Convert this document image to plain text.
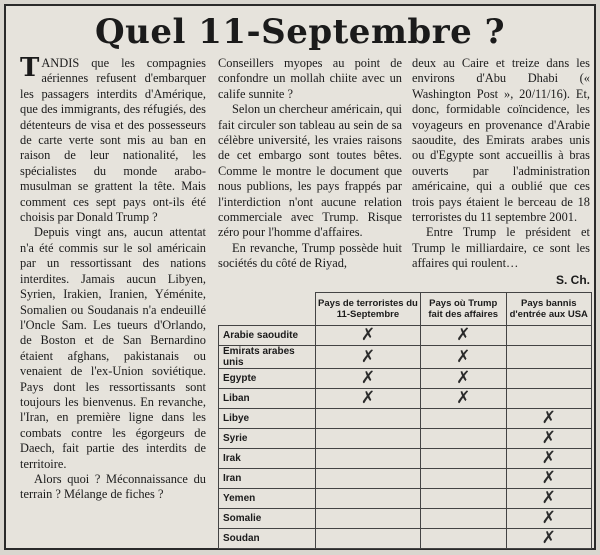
Quel 11-Septembre ?

TANDIS que les compagnies aériennes refusent d'embarquer les passagers interdits d'Amérique, que des immigrants, des réfugiés, des détenteurs de visa et des possesseurs de carte verte sont mis au ban en raison de leur nationalité, les spécialistes du monde arabo-musulman se grattent la tête. Mais comment ces sept pays ont-ils été choisis par Donald Trump ?

Depuis vingt ans, aucun attentat n'a été commis sur le sol américain par un ressortissant des nations interdites. Jamais aucun Libyen, Syrien, Irakien, Iranien, Yéménite, Somalien ou Soudanais n'a endeuillé l'Oncle Sam. Les tueurs d'Orlando, de Boston et de San Bernardino étaient afghans, pakistanais ou venaient de l'ex-Union soviétique. Pays dont les ressortissants sont toujours les bienvenus. En revanche, l'Iran, en première ligne dans les combats contre les égorgeurs de Daech, fait partie des interdits de territoire.

Alors quoi ? Méconnaissance du terrain ? Mélange de fiches ?

Conseillers myopes au point de confondre un mollah chiite avec un calife sunnite ?

Selon un chercheur américain, qui fait circuler son tableau au sein de sa célèbre université, les vraies raisons de cet embargo sont toutes bêtes. Comme le montre le document que nous publions, les pays frappés par l'interdiction n'ont aucune relation commerciale avec Trump. Risque zéro pour l'homme d'affaires.

En revanche, Trump possède huit sociétés du côté de Riyad,

deux au Caire et treize dans les environs d'Abu Dhabi (« Washington Post », 20/11/16). Et, donc, formidable coïncidence, les voyageurs en provenance d'Arabie saoudite, des Emirats arabes unis ou d'Egypte sont accueillis à bras ouverts par l'administration américaine, qui a oublié que ces trois pays étaient le berceau de 18 terroristes du 11 septembre 2001.

Entre Trump le président et Trump le milliardaire, ce sont les affaires qui roulent…

S. Ch.
	Pays de terroristes du 11-Septembre	Pays où Trump fait des affaires	Pays bannis d'entrée aux USA
Arabie saoudite	✗	✗	
Emirats arabes unis	✗	✗	
Egypte	✗	✗	
Liban	✗	✗	
Libye			✗
Syrie			✗
Irak			✗
Iran			✗
Yemen			✗
Somalie			✗
Soudan			✗
